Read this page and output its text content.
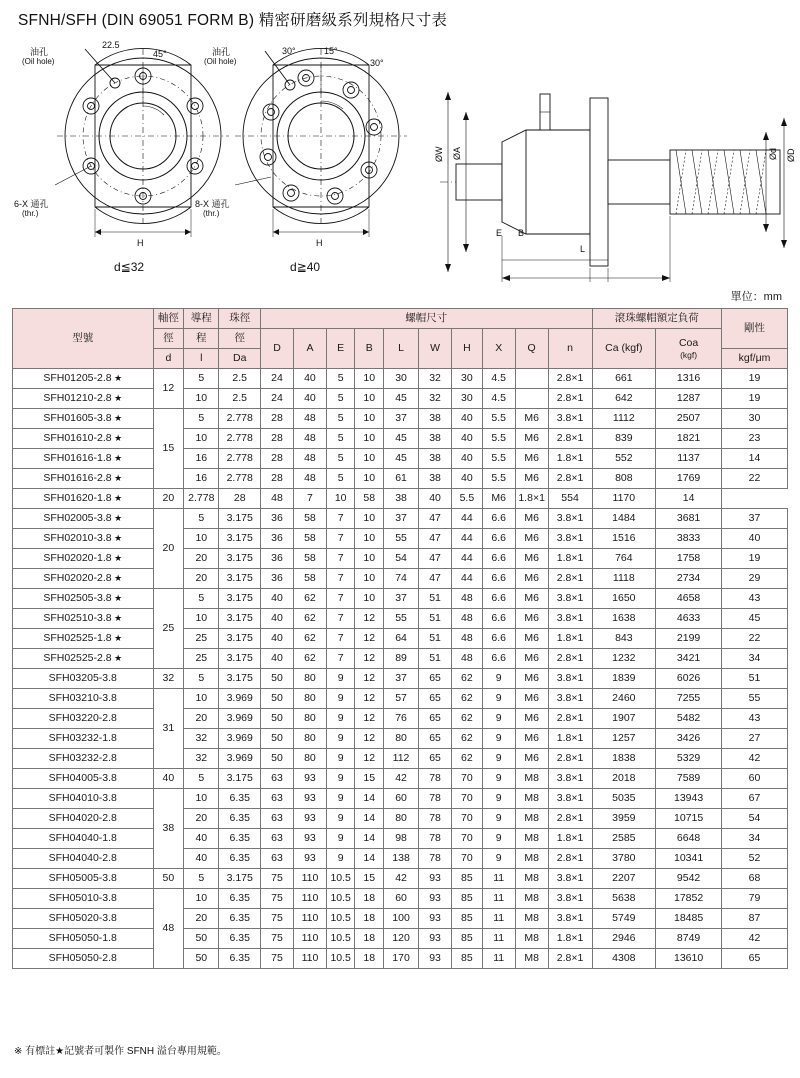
SFNH/SFH (DIN 69051 FORM B) 精密研磨級系列規格尺寸表
油孔
(Oil hole)
22.5
45°
6-X 通孔
(thr.)
H
d≦32
油孔
(Oil hole)
30°	15°
30°
8-X 通孔
(thr.)
H
d≧40
ØW ØA	Ød ØD
E B
L
單位：mm
型號	軸徑	導程	珠徑	螺帽尺寸										滾珠螺帽額定負荷		剛性
	徑	程	徑	D	A	E	B	L	W	H	X	Q	n	Ca (kgf)	Coa
(kgf)	

	d	l	Da													kgf/μm
SFH01205-2.8 ★	12	5	2.5	24	40	5	10	30	32	30	4.5		2.8×1	661	1316	19
SFH01210-2.8 ★		10	2.5	24	40	5	10	45	32	30	4.5		2.8×1	642	1287	19
SFH01605-3.8 ★	15	5	2.778	28	48	5	10	37	38	40	5.5	M6	3.8×1	1112	2507	30
SFH01610-2.8 ★		10	2.778	28	48	5	10	45	38	40	5.5	M6	2.8×1	839	1821	23
SFH01616-1.8 ★		16	2.778	28	48	5	10	45	38	40	5.5	M6	1.8×1	552	1137	14
SFH01616-2.8 ★		16	2.778	28	48	5	10	61	38	40	5.5	M6	2.8×1	808	1769	22
SFH01620-1.8 ★	20	2.778	28	48	7	10	58	38	40	5.5	M6	1.8×1	554	1170	14	
SFH02005-3.8 ★	20	5	3.175	36	58	7	10	37	47	44	6.6	M6	3.8×1	1484	3681	37
SFH02010-3.8 ★		10	3.175	36	58	7	10	55	47	44	6.6	M6	3.8×1	1516	3833	40
SFH02020-1.8 ★		20	3.175	36	58	7	10	54	47	44	6.6	M6	1.8×1	764	1758	19
SFH02020-2.8 ★		20	3.175	36	58	7	10	74	47	44	6.6	M6	2.8×1	1118	2734	29
SFH02505-3.8 ★	25	5	3.175	40	62	7	10	37	51	48	6.6	M6	3.8×1	1650	4658	43
SFH02510-3.8 ★		10	3.175	40	62	7	12	55	51	48	6.6	M6	3.8×1	1638	4633	45
SFH02525-1.8 ★		25	3.175	40	62	7	12	64	51	48	6.6	M6	1.8×1	843	2199	22
SFH02525-2.8 ★		25	3.175	40	62	7	12	89	51	48	6.6	M6	2.8×1	1232	3421	34
SFH03205-3.8	32	5	3.175	50	80	9	12	37	65	62	9	M6	3.8×1	1839	6026	51
SFH03210-3.8	31	10	3.969	50	80	9	12	57	65	62	9	M6	3.8×1	2460	7255	55
SFH03220-2.8		20	3.969	50	80	9	12	76	65	62	9	M6	2.8×1	1907	5482	43
SFH03232-1.8		32	3.969	50	80	9	12	80	65	62	9	M6	1.8×1	1257	3426	27
SFH03232-2.8		32	3.969	50	80	9	12	112	65	62	9	M6	2.8×1	1838	5329	42
SFH04005-3.8	40	5	3.175	63	93	9	15	42	78	70	9	M8	3.8×1	2018	7589	60
SFH04010-3.8	38	10	6.35	63	93	9	14	60	78	70	9	M8	3.8×1	5035	13943	67
SFH04020-2.8		20	6.35	63	93	9	14	80	78	70	9	M8	2.8×1	3959	10715	54
SFH04040-1.8		40	6.35	63	93	9	14	98	78	70	9	M8	1.8×1	2585	6648	34
SFH04040-2.8		40	6.35	63	93	9	14	138	78	70	9	M8	2.8×1	3780	10341	52
SFH05005-3.8	50	5	3.175	75	110	10.5	15	42	93	85	11	M8	3.8×1	2207	9542	68
SFH05010-3.8	48	10	6.35	75	110	10.5	18	60	93	85	11	M8	3.8×1	5638	17852	79
SFH05020-3.8		20	6.35	75	110	10.5	18	100	93	85	11	M8	3.8×1	5749	18485	87
SFH05050-1.8		50	6.35	75	110	10.5	18	120	93	85	11	M8	1.8×1	2946	8749	42
SFH05050-2.8		50	6.35	75	110	10.5	18	170	93	85	11	M8	2.8×1	4308	13610	65
※ 有標註★記號者可製作 SFNH 溢台專用規範。
